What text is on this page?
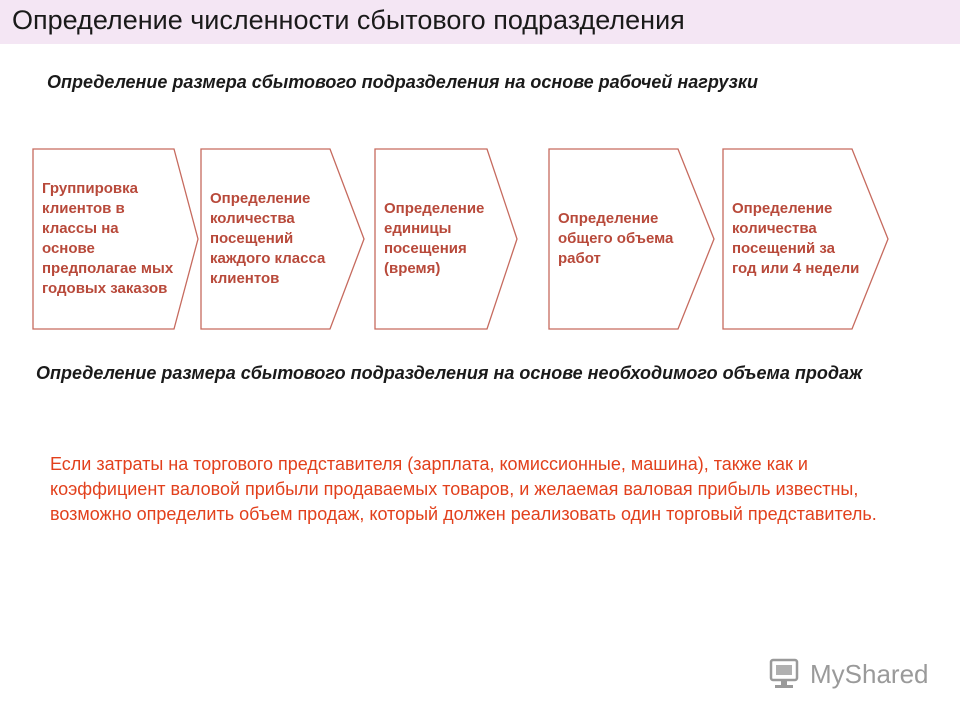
Определение численности сбытового подразделения
Определение размера сбытового подразделения на основе рабочей нагрузки
Группировка клиентов в классы на основе предполагае мых годовых заказов
Определение количества посещений каждого класса клиентов
Определение единицы посещения (время)
Определение общего объема работ
Определение количества посещений за год или 4 недели
Определение размера сбытового подразделения на основе необходимого объема продаж
Если затраты на торгового представителя (зарплата, комиссионные, машина), также как и коэффициент валовой прибыли продаваемых товаров, и желаемая валовая прибыль известны, возможно определить объем продаж, который должен реализовать один торговый представитель.
MyShared
